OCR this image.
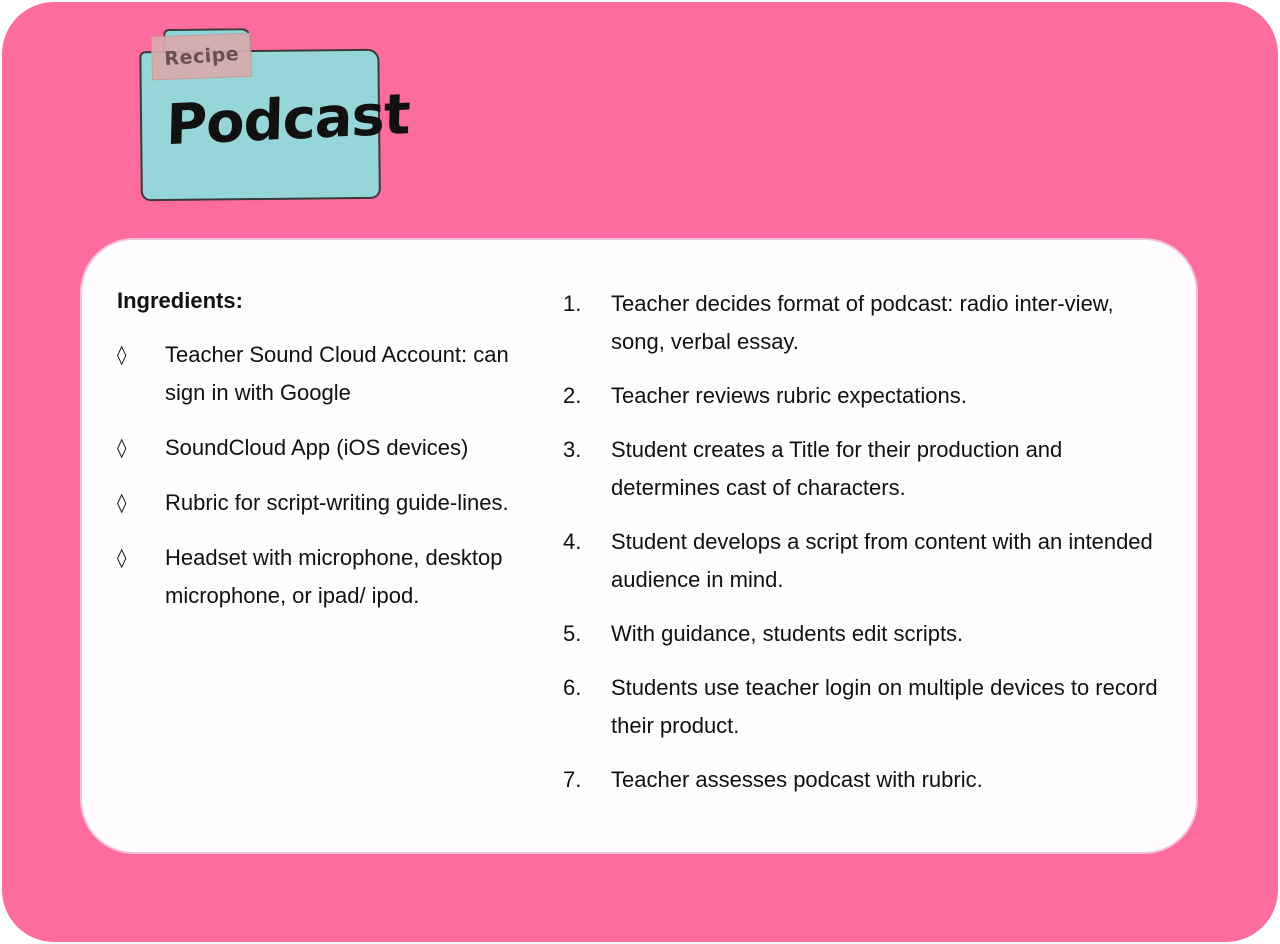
Recipe
Podcast
Ingredients:
◊	Teacher Sound Cloud Account: can sign in with Google
◊	SoundCloud App (iOS devices)
◊	Rubric for script-writing guide-lines.
◊	Headset with microphone, desktop microphone, or ipad/ ipod.
1.	Teacher decides format of podcast: radio inter-view, song, verbal essay.
2.	Teacher reviews rubric expectations.
3.	Student creates a Title for their production and determines cast of characters.
4.	Student develops a script from content with an intended audience in mind.
5.	With guidance, students edit scripts.
6.	Students use teacher login on multiple devices to record their product.
7.	Teacher assesses podcast with rubric.
